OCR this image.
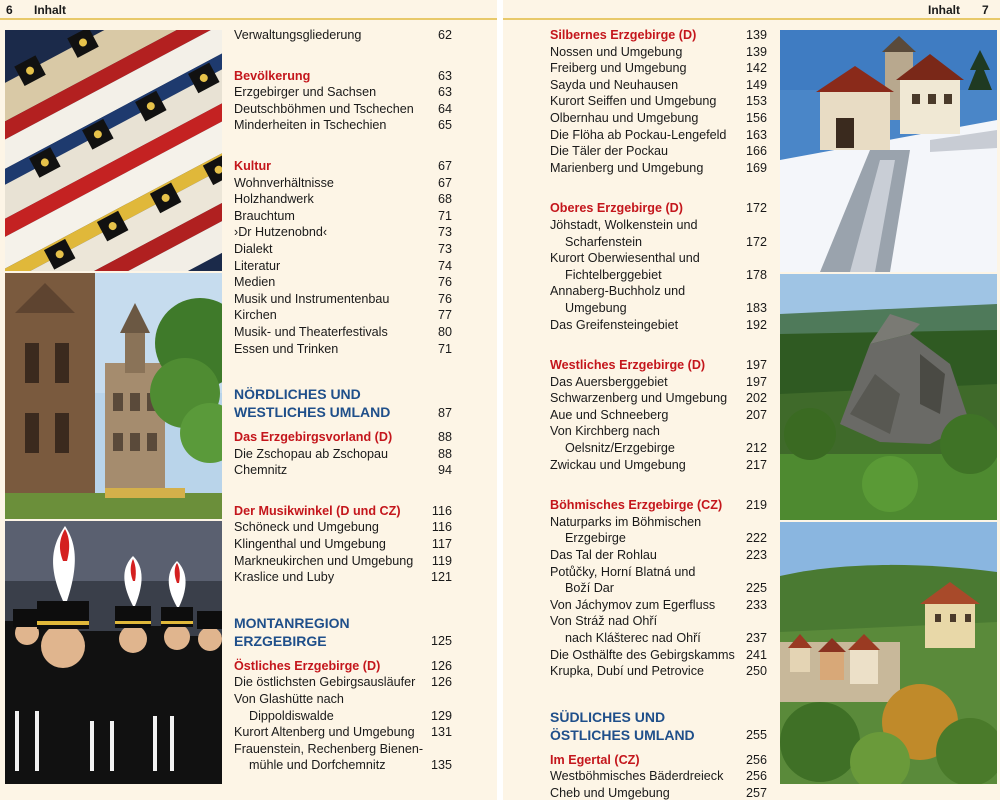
6 Inhalt
Verwaltungsgliederung	62
Bevölkerung	63
Erzgebirger und Sachsen	63
Deutschböhmen und Tschechen 64
Minderheiten in Tschechien	65
Kultur	67
Wohnverhältnisse	67
Holzhandwerk	68
Brauchtum	71
›Dr Hutzenobnd‹	73
Dialekt	73
Literatur	74
Medien	76
Musik und Instrumentenbau	76
Kirchen	77
Musik- und Theaterfestivals	80
Essen und Trinken	71
NÖRDLICHES UND
WESTLICHES UMLAND	87
Das Erzgebirgsvorland (D)	88
Die Zschopau ab Zschopau	88
Chemnitz	94
Der Musikwinkel (D und CZ) 116
Schöneck und Umgebung	116
Klingenthal und Umgebung	117
Markneukirchen und Umgebung 119
Kraslice und Luby	121
MONTANREGION
ERZGEBIRGE	125
Östliches Erzgebirge (D)	126
Die östlichsten Gebirgsausläufer 126
Von Glashütte nach
Dippoldiswalde	129
Kurort Altenberg und Umgebung 131
Frauenstein, Rechenberg Bienen-
mühle und Dorfchemnitz	135
Inhalt 7
Silbernes Erzgebirge (D)	139
Nossen und Umgebung	139
Freiberg und Umgebung	142
Sayda und Neuhausen	149
Kurort Seiffen und Umgebung 153
Olbernhau und Umgebung	156
Die Flöha ab Pockau-Lengefeld 163
Die Täler der Pockau	166
Marienberg und Umgebung	169
Oberes Erzgebirge (D)	172
Jöhstadt, Wolkenstein und
Scharfenstein	172
Kurort Oberwiesenthal und
Fichtelberggebiet	178
Annaberg-Buchholz und
Umgebung	183
Das Greifensteingebiet	192
Westliches Erzgebirge (D)	197
Das Auersberggebiet	197
Schwarzenberg und Umgebung 202
Aue und Schneeberg	207
Von Kirchberg nach
Oelsnitz/Erzgebirge	212
Zwickau und Umgebung	217
Böhmisches Erzgebirge (CZ) 219
Naturparks im Böhmischen
Erzgebirge	222
Das Tal der Rohlau	223
Potůčky, Horní Blatná und
Boží Dar	225
Von Jáchymov zum Egerfluss 233
Von Stráž nad Ohří
nach Klášterec nad Ohří	237
Die Osthälfte des Gebirgskamms 241
Krupka, Dubí und Petrovice	250
SÜDLICHES UND
ÖSTLICHES UMLAND	255
Im Egertal (CZ)	256
Westböhmisches Bäderdreieck 256
Cheb und Umgebung	257
